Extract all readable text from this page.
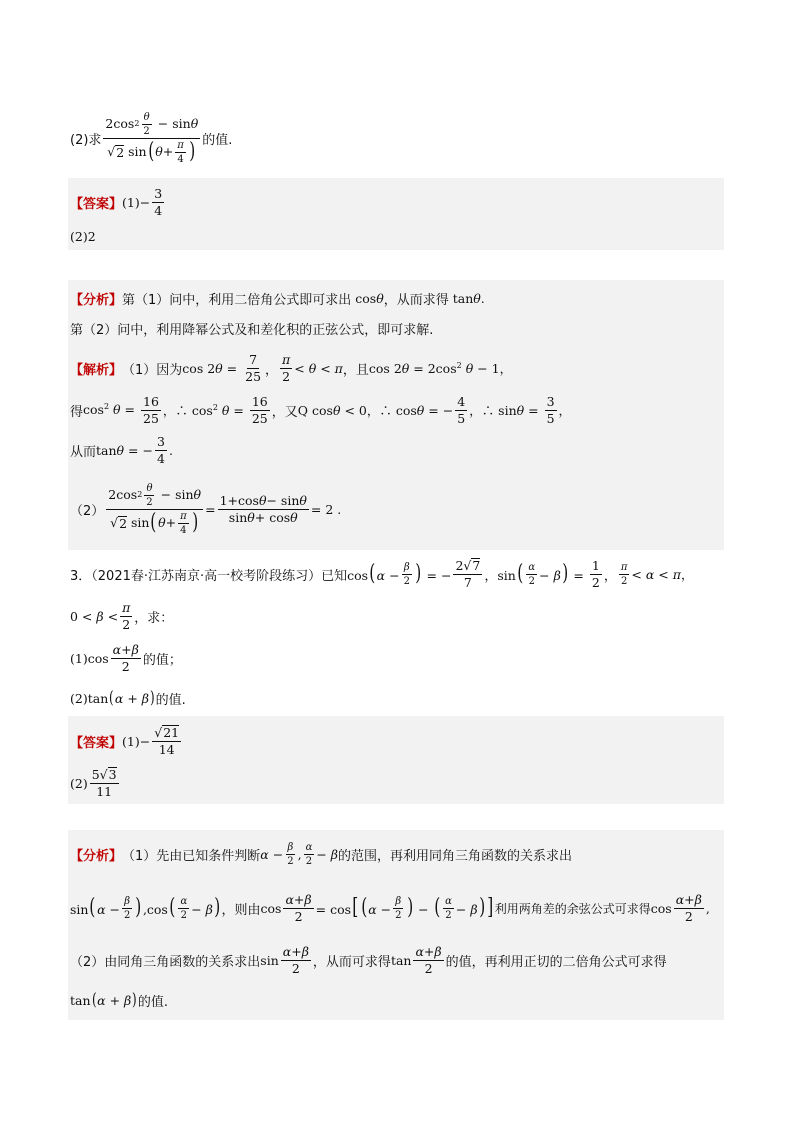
(2)求
2cos 2
θ
2 − sin θ
√ 2 sin ( θ + π
4 ) 的值.
【答案】 $(1) - \frac{3}{4}$
(2)2
【分析】 第（1）问中，利用二倍角公式即可求出 cosθ ，从而求得 tanθ.
第（2）问中，利用降幂公式及和差化积的正弦公式，即可求解.
【解析】 （1）因为 $\cos 2\theta = \frac{7}{25}$ ，
π
2
< θ < π ，且 $\cos 2\theta = 2\cos^2$ θ − 1，
得 $\cos^2 \theta = \frac{16}{25}$ ，∴ $\cos^2 \theta = \frac{16}{25}$ ， 又 Q cosθ < 0，∴ cosθ = − $\frac{4}{5}$ ，∴ $\sin\theta = \frac{3}{5}$ ，
从而 tanθ = − $\frac{3}{4}$ .
（2） 2cos 2
θ
2 − sin θ
√ 2 sin ( θ + π
4 ) = $\frac{\text{1+cos θ − sin θ}}{\text{sin θ + cos θ}} = 2$ .
3．（2021春·江苏南京·高一校考阶段练习）已知 $\cos(\alpha - \frac{\beta}{2}$ ) = − $\frac{2√ 7}{7}$ ， sin( α
$2 - \beta) = \frac{1}{2}$ ，
π
2 < α < π，
0 < β <
π
2 ，求：
(1) cos
α + β
2 的值；
(2) tan(α + β) 的值.
【答案】 $(1) - \frac{√ 21}{14}$
(2)
5√ 3
11
【分析】 （1）先由已知条件判断 $\alpha - \frac{\beta}{2}$ , α
2 − β 的范围，再利用同角三角函数的关系求出
$\sin(\alpha - \frac{\beta}{2} ),\cos$( α
2 − β) ，则由 $\cos \frac{\alpha + \beta}{2} = \cos$[ ($\alpha - \frac{\beta}{2}$ ) − ( α
2 − β) ] 利用两角差的余弦公式可求得 cos
α + β
2
,
（2）由同角三角函数的关系求出 sin
α + β
2 ，从而可求得 tan
α + β
2 的值，再利用正切的二倍角公式可求得
tan(α + β) 的值.
